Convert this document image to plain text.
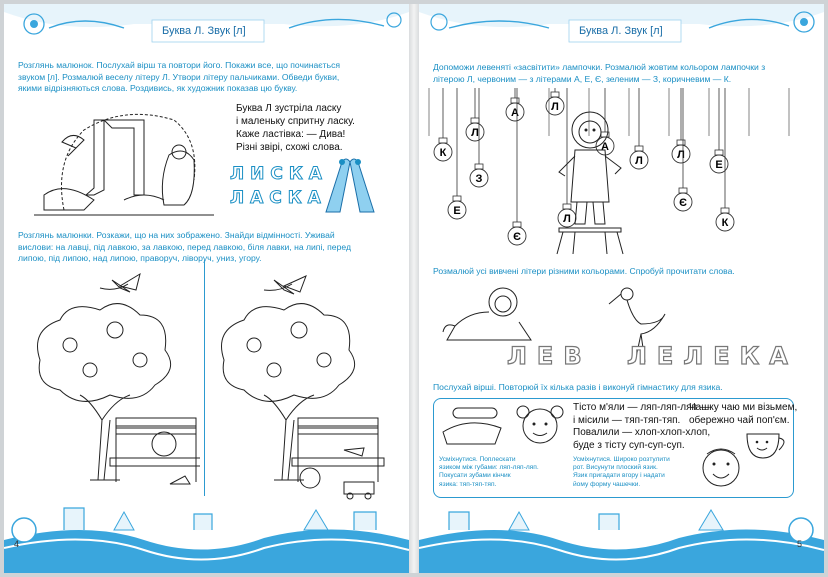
Буква Л. Звук [л]
Розглянь малюнок. Послухай вірш та повтори його. Покажи все, що починається
звуком [л]. Розмалюй веселу літеру Л. Утвори літеру пальчиками. Обведи букви,
якими відрізняються слова. Роздивись, як художник показав цю букву.
Буква Л зустріла ласку
і маленьку спритну ласку.
Каже ластівка: — Дива!
Різні звірі, схожі слова.
ЛИСКА
ЛАСКА
Розглянь малюнки. Розкажи, що на них зображено. Знайди відмінності. Уживай
вислови: на лавці, під лавкою, за лавкою, перед лавкою, біля лавки, на липі, перед
липою, під липою, над липою, праворуч, ліворуч, униз, угору.
4
Буква Л. Звук [л]
Допоможи левеняті «засвітити» лампочки. Розмалюй жовтим кольором лампочки з
літерою Л, червоним — з літерами А, Е, Є, зеленим — З, коричневим — К.
К
Л
А	Л
Е
З
Є
Л
А
Л	Л
Е
Є
К
Розмалюй усі вивчені літери різними кольорами. Спробуй прочитати слова.
ЛЕВ ЛЕЛЕКА
Послухай вірші. Повторюй їх кілька разів і виконуй гімнастику для язика.
Тісто м'яли — ляп-ляп-ляп —
і місили — тяп-тяп-тяп.
Повалили — хлоп-хлоп-хлоп,
буде з тісту суп-суп-суп.
Чашку чаю ми візьмем,
обережно чай поп'єм.
Усміхнутися. Поплескати
язиком між губами: ляп-ляп-ляп.
Покусати зубами кінчик
язика: тяп-тяп-тяп.
Усміхнутися. Широко розтулити
рот. Висунути плоский язик.
Язик пригадати вгору і надати
йому форму чашечки.
5
